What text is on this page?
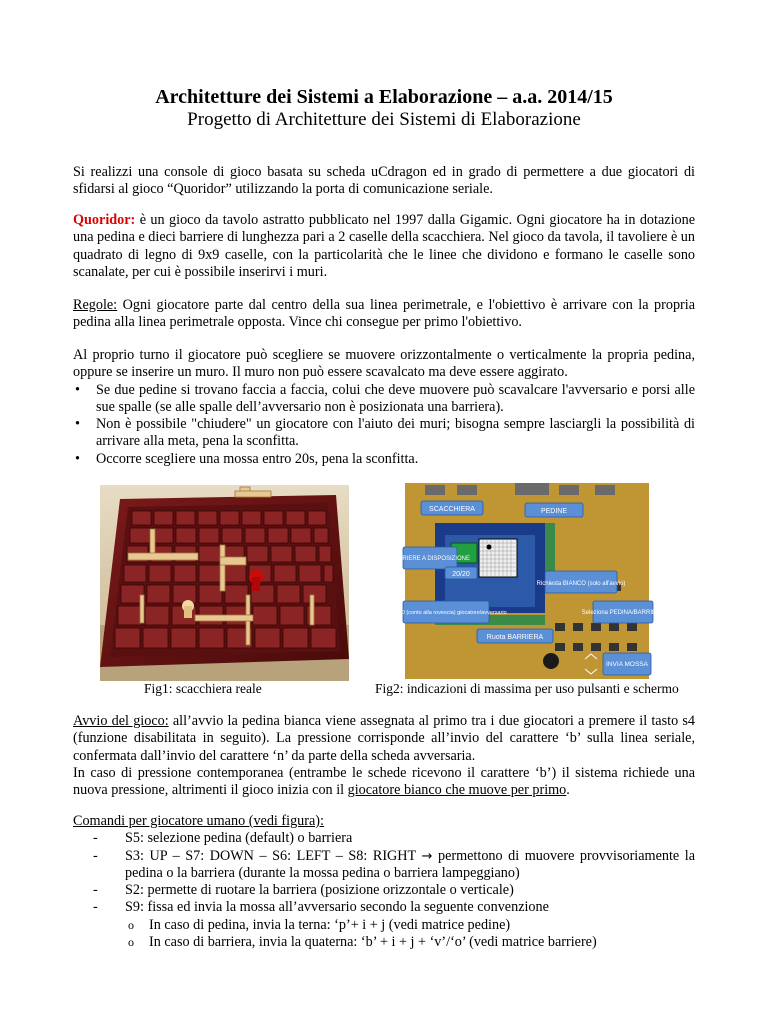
Architetture dei Sistemi a Elaborazione – a.a. 2014/15
Progetto di Architetture dei Sistemi di Elaborazione

Si realizzi una console di gioco basata su scheda uCdragon ed in grado di permettere a due giocatori di sfidarsi al gioco “Quoridor” utilizzando la porta di comunicazione seriale.

Quoridor: è un gioco da tavolo astratto pubblicato nel 1997 dalla Gigamic. Ogni giocatore ha in dotazione una pedina e dieci barriere di lunghezza pari a 2 caselle della scacchiera. Nel gioco da tavola, il tavoliere è un quadrato di legno di 9x9 caselle, con la particolarità che le linee che dividono e formano le caselle sono scanalate, per cui è possibile inserirvi i muri.

Regole: Ogni giocatore parte dal centro della sua linea perimetrale, e l'obiettivo è arrivare con la propria pedina alla linea perimetrale opposta. Vince chi consegue per primo l'obiettivo.

Al proprio turno il giocatore può scegliere se muovere orizzontalmente o verticalmente la propria pedina, oppure se inserire un muro. Il muro non può essere scavalcato ma deve essere aggirato.

• Se due pedine si trovano faccia a faccia, colui che deve muovere può scavalcare l'avversario e porsi alle sue spalle (se alle spalle dell’avversario non è posizionata una barriera).
• Non è possibile "chiudere" un giocatore con l'aiuto dei muri; bisogna sempre lasciargli la possibilità di arrivare alla meta, pena la sconfitta.
• Occorre scegliere una mossa entro 20s, pena la sconfitta.
SCACCHIERA	PEDINE
BARRIERE A DISPOSIZIONE
20/20
Richiesta BIANCO (solo all'avvio)
TEMPO (conto alla rovescia) giocatore/avversario	Seleziona PEDINA/BARRIERA
Ruota BARRIERA
INVIA MOSSA
Fig1: scacchiera reale	Fig2: indicazioni di massima per uso pulsanti e schermo

Avvio del gioco: all’avvio la pedina bianca viene assegnata al primo tra i due giocatori a premere il tasto s4 (funzione disabilitata in seguito). La pressione corrisponde all’invio del carattere ‘b’ sulla linea seriale, confermata dall’invio del carattere ‘n’ da parte della scheda avversaria.

In caso di pressione contemporanea (entrambe le schede ricevono il carattere ‘b’) il sistema richiede una nuova pressione, altrimenti il gioco inizia con il giocatore bianco che muove per primo.

Comandi per giocatore umano (vedi figura):

- S5: selezione pedina (default) o barriera
- S3: UP – S7: DOWN – S6: LEFT – S8: RIGHT → permettono di muovere provvisoriamente la pedina o la barriera (durante la mossa pedina o barriera lampeggiano)
- S2: permette di ruotare la barriera (posizione orizzontale o verticale)
- S9: fissa ed invia la mossa all’avversario secondo la seguente convenzione
o In caso di pedina, invia la terna: ‘p’+ i + j (vedi matrice pedine)
o In caso di barriera, invia la quaterna: ‘b’ + i + j + ‘v’/‘o’ (vedi matrice barriere)
